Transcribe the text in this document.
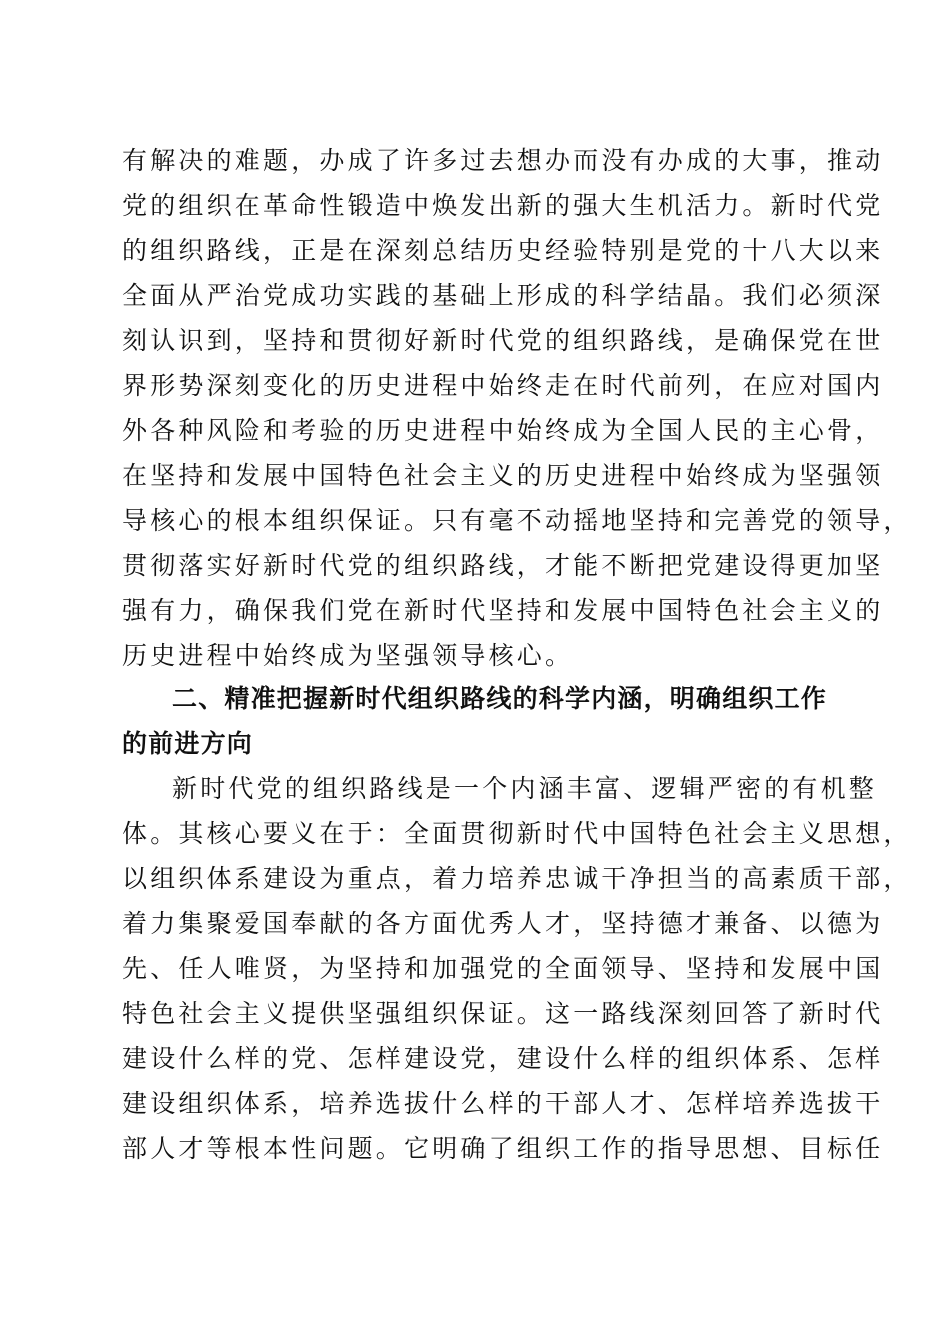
有解决的难题，办成了许多过去想办而没有办成的大事，推动
党的组织在革命性锻造中焕发出新的强大生机活力。新时代党
的组织路线，正是在深刻总结历史经验特别是党的十八大以来
全面从严治党成功实践的基础上形成的科学结晶。我们必须深
刻认识到，坚持和贯彻好新时代党的组织路线，是确保党在世
界形势深刻变化的历史进程中始终走在时代前列，在应对国内
外各种风险和考验的历史进程中始终成为全国人民的主心骨，
在坚持和发展中国特色社会主义的历史进程中始终成为坚强领
导核心的根本组织保证。只有毫不动摇地坚持和完善党的领导，
贯彻落实好新时代党的组织路线，才能不断把党建设得更加坚
强有力，确保我们党在新时代坚持和发展中国特色社会主义的
历史进程中始终成为坚强领导核心。
二、精准把握新时代组织路线的科学内涵，明确组织工作
的前进方向
新时代党的组织路线是一个内涵丰富、逻辑严密的有机整
体。其核心要义在于：全面贯彻新时代中国特色社会主义思想，
以组织体系建设为重点，着力培养忠诚干净担当的高素质干部，
着力集聚爱国奉献的各方面优秀人才，坚持德才兼备、以德为
先、任人唯贤，为坚持和加强党的全面领导、坚持和发展中国
特色社会主义提供坚强组织保证。这一路线深刻回答了新时代
建设什么样的党、怎样建设党，建设什么样的组织体系、怎样
建设组织体系，培养选拔什么样的干部人才、怎样培养选拔干
部人才等根本性问题。它明确了组织工作的指导思想、目标任
